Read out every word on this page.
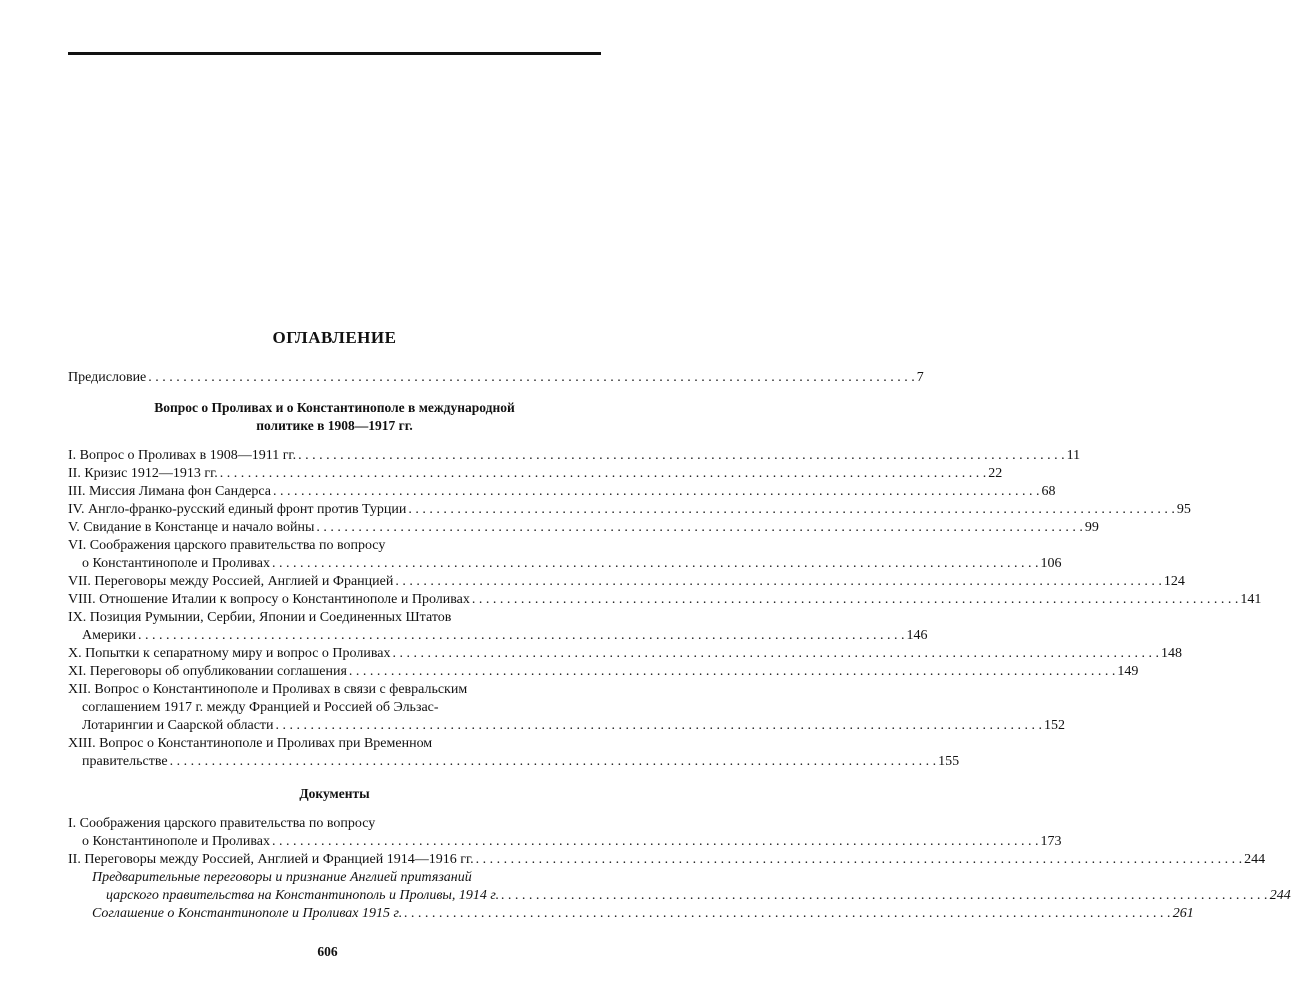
ОГЛАВЛЕНИЕ
Предисловие . . .	7
Вопрос о Проливах и о Константинополе в международной
политике в 1908—1917 гг.
I. Вопрос о Проливах в 1908—1911 гг. . . .	11
II. Кризис 1912—1913 гг. . . .	22
III. Миссия Лимана фон Сандерса . . .	68
IV. Англо-франко-русский единый фронт против Турции . . .	95
V. Свидание в Констанце и начало войны . . .	99
VI. Соображения царского правительства по вопросу
о Константинополе и Проливах . . .	106
VII. Переговоры между Россией, Англией и Францией . . .	124
VIII. Отношение Италии к вопросу о Константинополе и Проливах . . .	141
IX. Позиция Румынии, Сербии, Японии и Соединенных Штатов
Америки . . .	146
X. Попытки к сепаратному миру и вопрос о Проливах . . .	148
XI. Переговоры об опубликовании соглашения . . .	149
XII. Вопрос о Константинополе и Проливах в связи с февральским
соглашением 1917 г. между Францией и Россией об Эльзас-
Лотарингии и Саарской области . . .	152
XIII. Вопрос о Константинополе и Проливах при Временном
правительстве . . .	155
Документы
I. Соображения царского правительства по вопросу
о Константинополе и Проливах . . .	173
II. Переговоры между Россией, Англией и Францией 1914—1916 гг. . . .	244
Предварительные переговоры и признание Англией притязаний
царского правительства на Константинополь и Проливы, 1914 г. . . .	244
Соглашение о Константинополе и Проливах 1915 г. . . .	261
606
